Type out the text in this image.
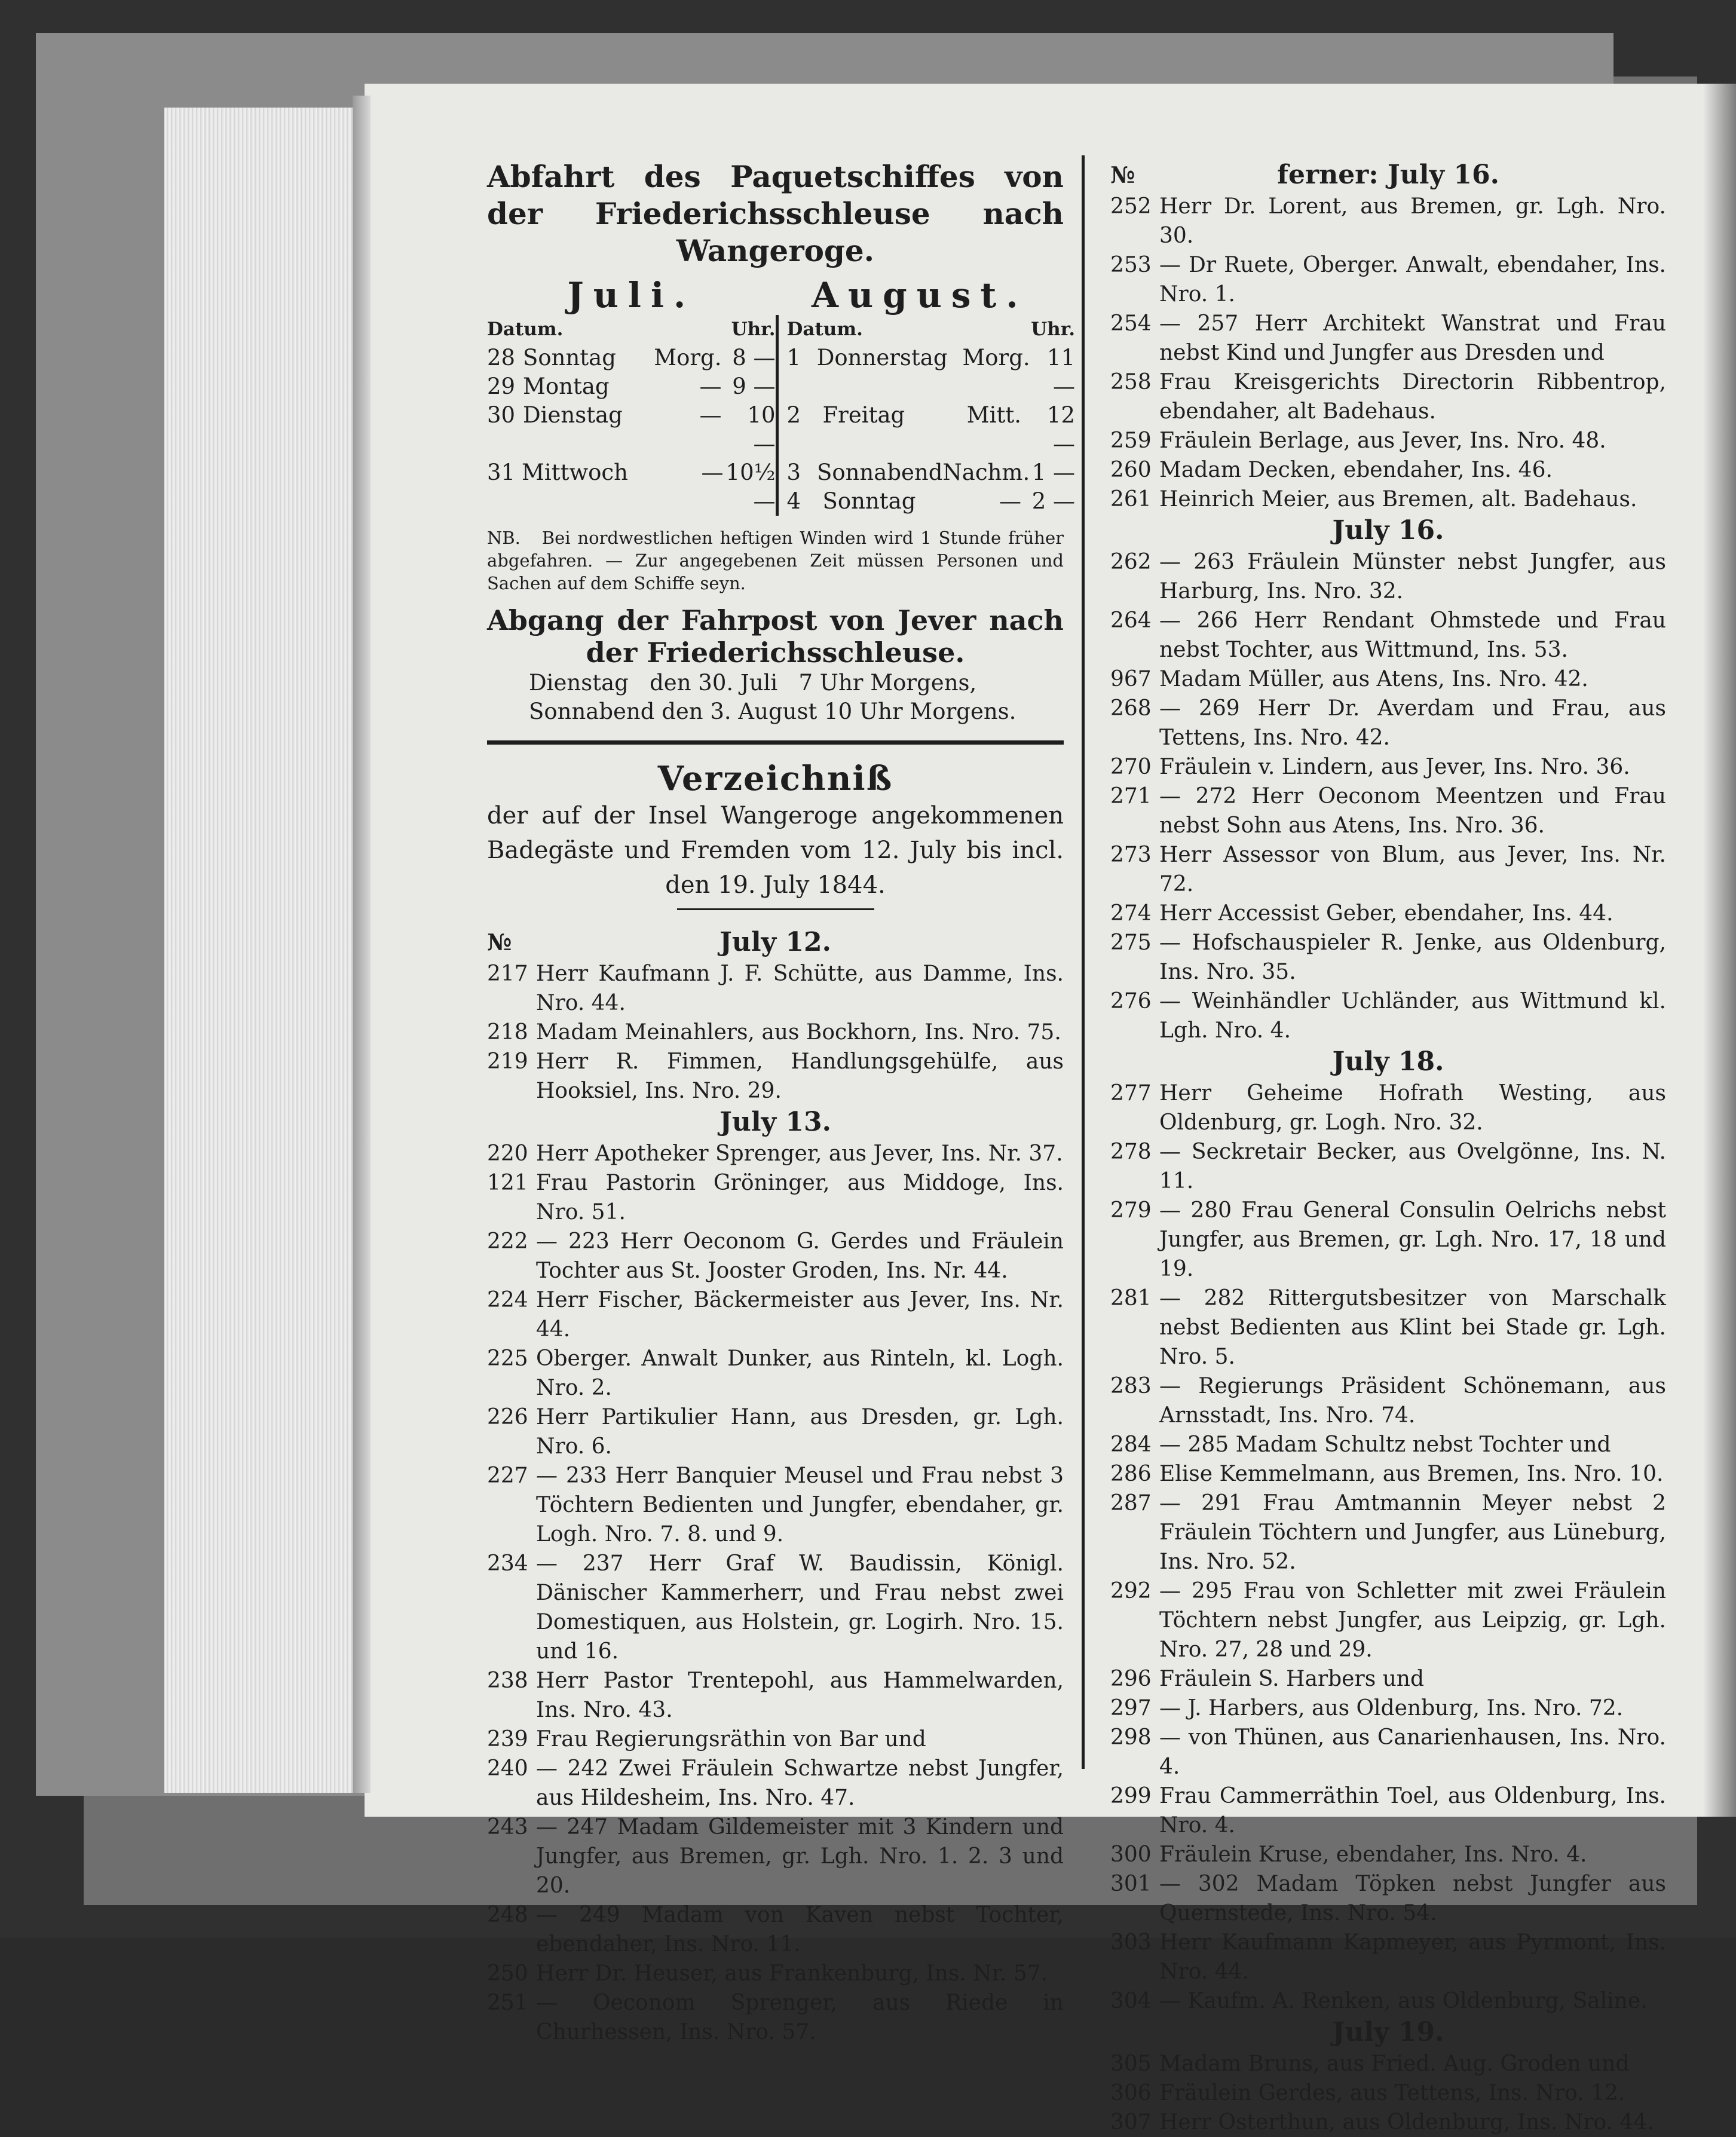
Abfahrt des Paquetschiffes von der Friederichsschleuse nach Wangeroge.
Juli.	August.
Datum.	Uhr.
28 Sonntag	Morg. 8 —
29 Montag	— 9 —
30 Dienstag	—	10 —
31 Mittwoch	— 10½—
Datum.	Uhr.
1 Donnerstag Morg. 11 —
2 Freitag	Mitt.	12 —
3 Sonnabend Nachm. 1 —
4 Sonntag	— 2 —
NB. Bei nordwestlichen heftigen Winden wird 1 Stunde früher abgefahren. — Zur angegebenen Zeit müssen Personen und Sachen auf dem Schiffe seyn.
Abgang der Fahrpost von Jever nach der Friederichsschleuse.
Dienstag   den 30. Juli   7 Uhr Morgens,
Sonnabend den 3. August 10 Uhr Morgens.
Verzeichniß
der auf der Insel Wangeroge angekommenen Badegäste und Fremden vom 12. July bis incl. den 19. July 1844.
№	July 12.
217 Herr Kaufmann J. F. Schütte, aus Damme, Ins. Nro. 44.
218 Madam Meinahlers, aus Bockhorn, Ins. Nro. 75.
219 Herr R. Fimmen, Handlungsgehülfe, aus Hooksiel, Ins. Nro. 29.
July 13.
220 Herr Apotheker Sprenger, aus Jever, Ins. Nr. 37.
121 Frau Pastorin Gröninger, aus Middoge, Ins. Nro. 51.
222 — 223 Herr Oeconom G. Gerdes und Fräulein Tochter aus St. Jooster Groden, Ins. Nr. 44.
224 Herr Fischer, Bäckermeister aus Jever, Ins. Nr. 44.
225 Oberger. Anwalt Dunker, aus Rinteln, kl. Logh. Nro. 2.
226 Herr Partikulier Hann, aus Dresden, gr. Lgh. Nro. 6.
227 — 233 Herr Banquier Meusel und Frau nebst 3 Töchtern Bedienten und Jungfer, ebendaher, gr. Logh. Nro. 7. 8. und 9.
234 — 237 Herr Graf W. Baudissin, Königl. Dänischer Kammerherr, und Frau nebst zwei Domestiquen, aus Holstein, gr. Logirh. Nro. 15. und 16.
238 Herr Pastor Trentepohl, aus Hammelwarden, Ins. Nro. 43.
239 Frau Regierungsräthin von Bar und
240 — 242 Zwei Fräulein Schwartze nebst Jungfer, aus Hildesheim, Ins. Nro. 47.
243 — 247 Madam Gildemeister mit 3 Kindern und Jungfer, aus Bremen, gr. Lgh. Nro. 1. 2. 3 und 20.
248 — 249 Madam von Kaven nebst Tochter, ebendaher, Ins. Nro. 11.
250 Herr Dr. Heuser, aus Frankenburg, Ins. Nr. 57.
251 — Oeconom Sprenger, aus Riede in Churhessen, Ins. Nro. 57.
№	ferner: July 16.
252 Herr Dr. Lorent, aus Bremen, gr. Lgh. Nro. 30.
253 — Dr Ruete, Oberger. Anwalt, ebendaher, Ins. Nro. 1.
254 — 257 Herr Architekt Wanstrat und Frau nebst Kind und Jungfer aus Dresden und
258 Frau Kreisgerichts Directorin Ribbentrop, ebendaher, alt Badehaus.
259 Fräulein Berlage, aus Jever, Ins. Nro. 48.
260 Madam Decken, ebendaher, Ins. 46.
261 Heinrich Meier, aus Bremen, alt. Badehaus.
July 16.
262 — 263 Fräulein Münster nebst Jungfer, aus Harburg, Ins. Nro. 32.
264 — 266 Herr Rendant Ohmstede und Frau nebst Tochter, aus Wittmund, Ins. 53.
967 Madam Müller, aus Atens, Ins. Nro. 42.
268 — 269 Herr Dr. Averdam und Frau, aus Tettens, Ins. Nro. 42.
270 Fräulein v. Lindern, aus Jever, Ins. Nro. 36.
271 — 272 Herr Oeconom Meentzen und Frau nebst Sohn aus Atens, Ins. Nro. 36.
273 Herr Assessor von Blum, aus Jever, Ins. Nr. 72.
274 Herr Accessist Geber, ebendaher, Ins. 44.
275 — Hofschauspieler R. Jenke, aus Oldenburg, Ins. Nro. 35.
276 — Weinhändler Uchländer, aus Wittmund kl. Lgh. Nro. 4.
July 18.
277 Herr Geheime Hofrath Westing, aus Oldenburg, gr. Logh. Nro. 32.
278 — Seckretair Becker, aus Ovelgönne, Ins. N. 11.
279 — 280 Frau General Consulin Oelrichs nebst Jungfer, aus Bremen, gr. Lgh. Nro. 17, 18 und 19.
281 — 282 Rittergutsbesitzer von Marschalk nebst Bedienten aus Klint bei Stade gr. Lgh. Nro. 5.
283 — Regierungs Präsident Schönemann, aus Arnsstadt, Ins. Nro. 74.
284 — 285 Madam Schultz nebst Tochter und
286 Elise Kemmelmann, aus Bremen, Ins. Nro. 10.
287 — 291 Frau Amtmannin Meyer nebst 2 Fräulein Töchtern und Jungfer, aus Lüneburg, Ins. Nro. 52.
292 — 295 Frau von Schletter mit zwei Fräulein Töchtern nebst Jungfer, aus Leipzig, gr. Lgh. Nro. 27, 28 und 29.
296 Fräulein S. Harbers und
297 — J. Harbers, aus Oldenburg, Ins. Nro. 72.
298 — von Thünen, aus Canarienhausen, Ins. Nro. 4.
299 Frau Cammerräthin Toel, aus Oldenburg, Ins. Nro. 4.
300 Fräulein Kruse, ebendaher, Ins. Nro. 4.
301 — 302 Madam Töpken nebst Jungfer aus Quernstede, Ins. Nro. 54.
303 Herr Kaufmann Kapmeyer, aus Pyrmont, Ins. Nro. 44.
304 — Kaufm. A. Renken, aus Oldenburg, Saline.
July 19.
305 Madam Bruns, aus Fried. Aug. Groden und
306 Fräulein Gerdes, aus Tettens, Ins. Nro. 12.
307 Herr Osterthun, aus Oldenburg, Ins. Nro. 44.
